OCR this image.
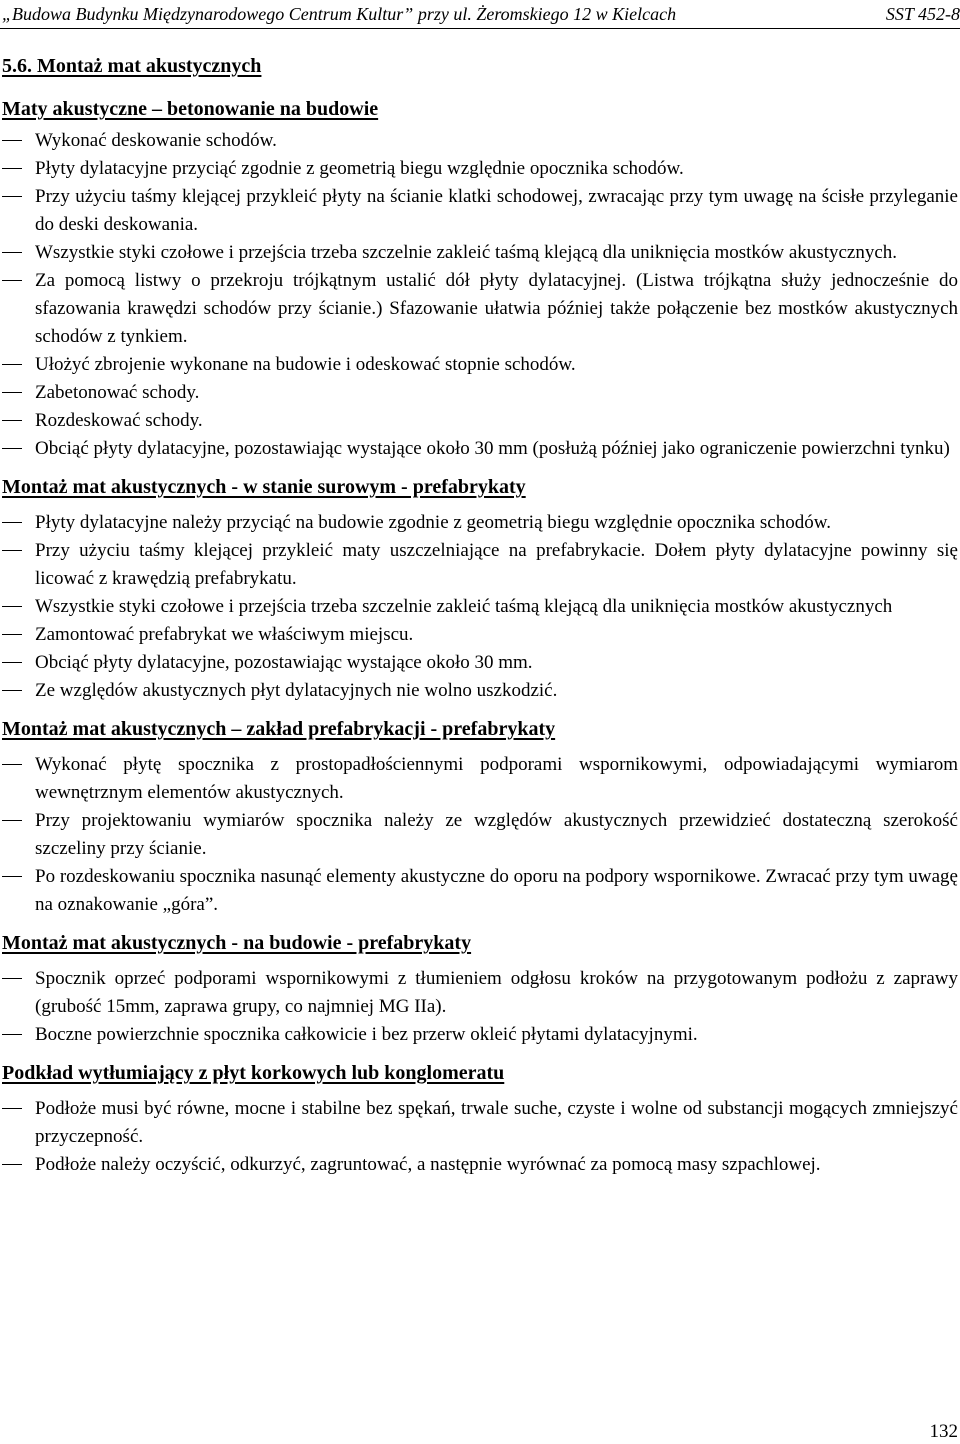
„Budowa Budynku Międzynarodowego Centrum Kultur” przy ul. Żeromskiego 12 w Kielcach	SST 452-8
5.6. Montaż mat akustycznych
Maty akustyczne – betonowanie na budowie
Wykonać deskowanie schodów.
Płyty dylatacyjne przyciąć zgodnie z geometrią biegu względnie opocznika schodów.
Przy użyciu taśmy klejącej przykleić płyty na ścianie klatki schodowej, zwracając przy tym uwagę na ścisłe przyleganie do deski deskowania.
Wszystkie styki czołowe i przejścia trzeba szczelnie zakleić taśmą klejącą dla uniknięcia mostków akustycznych.
Za pomocą listwy o przekroju trójkątnym ustalić dół płyty dylatacyjnej. (Listwa trójkątna służy jednocześnie do sfazowania krawędzi schodów przy ścianie.) Sfazowanie ułatwia później także połączenie bez mostków akustycznych schodów z tynkiem.
Ułożyć zbrojenie wykonane na budowie i odeskować stopnie schodów.
Zabetonować schody.
Rozdeskować schody.
Obciąć płyty dylatacyjne, pozostawiając wystające około 30 mm (posłużą później jako ograniczenie powierzchni tynku)
Montaż mat akustycznych - w stanie surowym - prefabrykaty
Płyty dylatacyjne należy przyciąć na budowie zgodnie z geometrią biegu względnie opocznika schodów.
Przy użyciu taśmy klejącej przykleić maty uszczelniające na prefabrykacie. Dołem płyty dylatacyjne powinny się licować z krawędzią prefabrykatu.
Wszystkie styki czołowe i przejścia trzeba szczelnie zakleić taśmą klejącą dla uniknięcia mostków akustycznych
Zamontować prefabrykat we właściwym miejscu.
Obciąć płyty dylatacyjne, pozostawiając wystające około 30 mm.
Ze względów akustycznych płyt dylatacyjnych nie wolno uszkodzić.
Montaż mat akustycznych – zakład prefabrykacji - prefabrykaty
Wykonać płytę spocznika z prostopadłościennymi podporami wspornikowymi, odpowiadającymi wymiarom wewnętrznym elementów akustycznych.
Przy projektowaniu wymiarów spocznika należy ze względów akustycznych przewidzieć dostateczną szerokość szczeliny przy ścianie.
Po rozdeskowaniu spocznika nasunąć elementy akustyczne do oporu na podpory wspornikowe. Zwracać przy tym uwagę na oznakowanie „góra”.
Montaż mat akustycznych - na budowie - prefabrykaty
Spocznik oprzeć podporami wspornikowymi z tłumieniem odgłosu kroków na przygotowanym podłożu z zaprawy (grubość 15mm, zaprawa grupy, co najmniej MG IIa).
Boczne powierzchnie spocznika całkowicie i bez przerw okleić płytami dylatacyjnymi.
Podkład wytłumiający z płyt korkowych lub konglomeratu
Podłoże musi być równe, mocne i stabilne bez spękań, trwale suche, czyste i wolne od substancji mogących zmniejszyć przyczepność.
Podłoże należy oczyścić, odkurzyć, zagruntować, a następnie wyrównać za pomocą masy szpachlowej.
132
